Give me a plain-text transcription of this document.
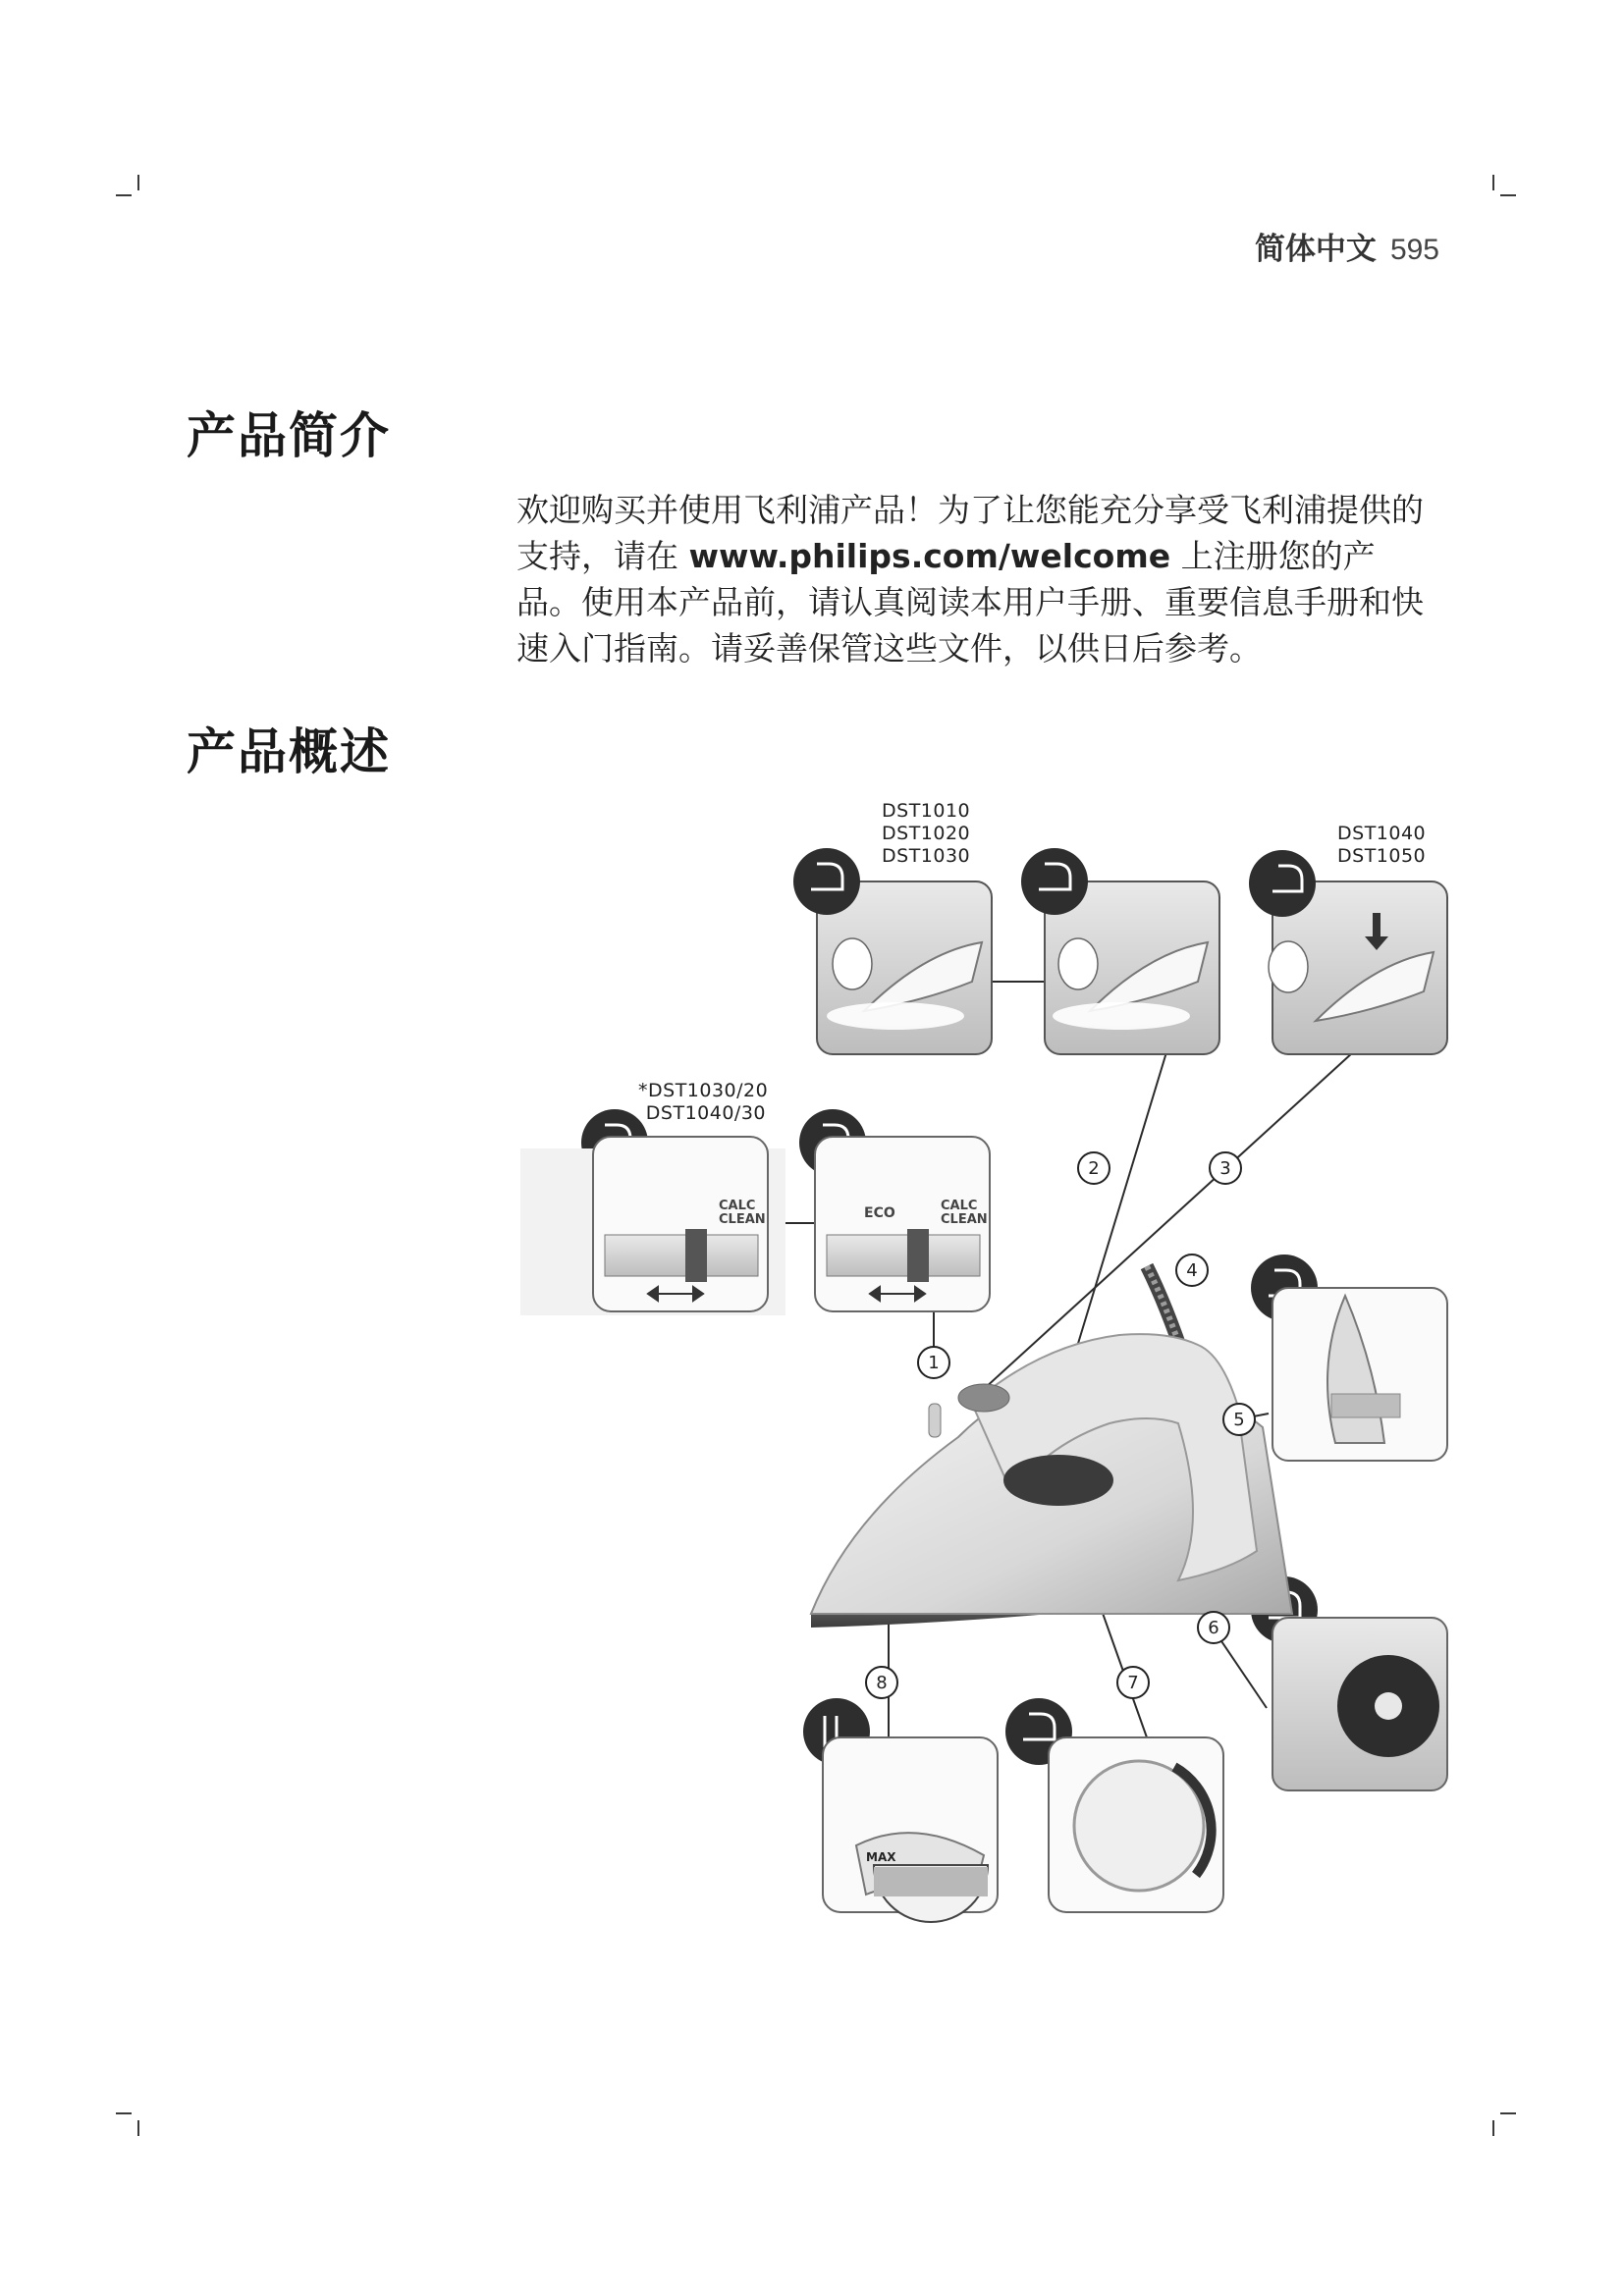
简体中文 595
产品简介
欢迎购买并使用飞利浦产品！为了让您能充分享受飞利浦提供的支持，请在 www.philips.com/welcome 上注册您的产品。使用本产品前，请认真阅读本用户手册、重要信息手册和快速入门指南。请妥善保管这些文件，以供日后参考。
产品概述
DST1010
DST1020
DST1030
DST1040
DST1050
*DST1030/20
DST1040/30
CALC
CLEAN	ECO	CALC
CLEAN
MAX
1
2	3
4
5
6
7
8
